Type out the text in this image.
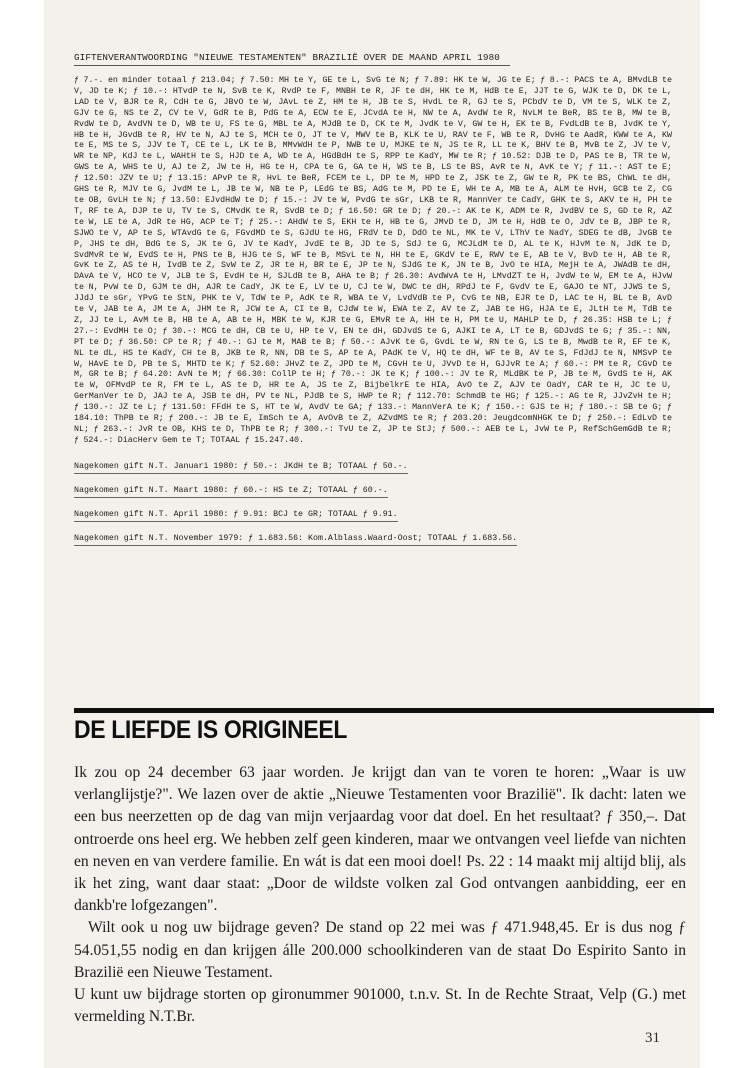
GIFTENVERANTWOORDING "NIEUWE TESTAMENTEN" BRAZILIË OVER DE MAAND APRIL 1980
ƒ 7.-. en minder totaal ƒ 213.04; ƒ 7.50: MH te Y, GE te L, SvG te N; ƒ 7.89: HK te W, JG te E; ƒ 8.-: PACS te A, BMvdLB te V, JD te K; ƒ 10.-: HTvdP te N, SvB te K, RvdP te F, MNBH te R, JF te dH, HK te M, HdB te E, JJT te G, WJK te D, DK te L, LAD te V, BJR te R, CdH te G, JBvO te W, JAvL te Z, HM te H, JB te S, HvdL te R, GJ te S, PCbdV te D, VM te S, WLK te Z, GJV te G, NS te Z, CV te V, GdR te B, PdG te A, ECW te E, JCvdA te H, NW te A, AvdW te R, NvLM te BeR, BS te B, MW te B, RvdW te D, AvdVN te D, WB te U, FS te G, MBL te A, MJdB te D, CK te M, JvdK te V, GW te H, EK te B, FvdLdB te B, JvdK te Y, HB te H, JGvdB te R, HV te N, AJ te S, MCH te O, JT te V, MWV te B, KLK te U, RAV te F, WB te R, DvHG te AadR, KWW te A, KW te E, MS te S, JJV te T, CE te L, LK te B, MMvWdH te P, NWB te U, MJKE te N, JS te R, LL te K, BHV te B, MvB te Z, JV te V, WR te NP, KdJ te L, WAHtH te S, HJD te A, WD te A, HGdBdH te S, RPP te KadY, MW te R; ƒ 10.52: DJB te D, PAS te B, TR te W, GWS te A, WHS te U, AJ te Z, JW te H, HG te H, CPA te G, GA te H, WS te B, LS te BS, AvR te N, AvK te Y; ƒ 11.-: AST te E; ƒ 12.50: JZV te U; ƒ 13.15: APvP te R, HvL te BeR, FCEM te L, DP te M, HPD te Z, JSK te Z, GW te R, PK te BS, ChWL te dH, GHS te R, MJV te G, JvdM te L, JB te W, NB te P, LEdG te BS, AdG te M, PD te E, WH te A, MB te A, ALM te HvH, GCB te Z, CG te OB, GvLH te N; ƒ 13.50: EJvdHdW te D; ƒ 15.-: JV te W, PvdG te sGr, LKB te R, MannVer te CadY, GHK te S, AKV te H, PH te T, RF te A, DJP te U, TV te S, CMvdK te R, SvdB te D; ƒ 16.50: GR te D; ƒ 20.-: AK te K, ADM te R, JvdBV te S, GD te R, AZ te W, LE te A, JdR te HG, ACP te T; ƒ 25.-: AHdW te S, EKH te H, HB te G, JMvD te D, JM te H, HdB te O, JdV te B, JBP te R, SJWO te V, AP te S, WTAvdG te G, FGvdMD te S, GJdU te HG, FRdV te D, DdO te NL, MK te V, LThV te NadY, SDEG te dB, JvGB te P, JHS te dH, BdG te S, JK te G, JV te KadY, JvdE te B, JD te S, SdJ te G, MCJLdM te D, AL te K, HJvM te N, JdK te D, SvdMvR te W, EvdS te H, PNS te B, HJG te S, WF te B, MSvL te N, HH te E, GKdV te E, RWV te E, AB te V, BvD te H, AB te R, GvK te Z, AS te H, IvdB te Z, SvW te Z, JR te H, BR te E, JP te N, SJdG te K, JN te B, JvO te HIA, MejH te A, JWAdB te dH, DAvA te V, HCO te V, JLB te S, EvdH te H, SJLdB te B, AHA te B; ƒ 26.30: AvdWvA te H, LMvdZT te H, JvdW te W, EM te A, HJvW te N, PvW te D, GJM te dH, AJR te CadY, JK te E, LV te U, CJ te W, DWC te dH, RPdJ te F, GvdV te E, GAJO te NT, JJWS te S, JJdJ te sGr, YPvG te StN, PHK te V, TdW te P, AdK te R, WBA te V, LvdVdB te P, CvG te NB, EJR te D, LAC te H, BL te B, AvD te V, JAB te A, JM te A, JHM te R, JCW te A, CI te B, CJdW te W, EWA te Z, AV te Z, JAB te HG, HJA te E, JLtH te M, TdB te Z, JJ te L, AvM te B, HB te A, AB te H, MBK te W, KJR te G, EMvR te A, HH te H, PM te U, MAHLP te D, ƒ 26.35: HSB te L; ƒ 27.-: EvdMH te O; ƒ 30.-: MCG te dH, CB te U, HP te V, EN te dH, GDJvdS te G, AJKI te A, LT te B, GDJvdS te G; ƒ 35.-: NN, PT te D; ƒ 36.50: CP te R; ƒ 40.-: GJ te M, MAB te B; ƒ 50.-: AJvK te G, GvdL te W, RN te G, LS te B, MwdB te R, EF te K, NL te dL, HS te KadY, CH te B, JKB te R, NN, DB te S, AP te A, PAdK te V, HQ te dH, WF te B, AV te S, FdJdJ te N, NMSvP te W, HAvE te D, PB te S, MHTD te K; ƒ 52.60: JHvZ te Z, JPD te M, CGvH te U, JVvD te H, GJJvR te A; ƒ 60.-: PM te R, CGvD te M, GR te B; ƒ 64.20: AvN te M; ƒ 66.30: CollP te H; ƒ 70.-: JK te K; ƒ 100.-: JV te R, MLdBK te P, JB te M, GvdS te H, AK te W, OFMvdP te R, FM te L, AS te D, HR te A, JS te Z, BijbelkrE te HIA, AvO te Z, AJV te OadY, CAR te H, JC te U, GerManVer te D, JAJ te A, JSB te dH, PV te NL, PJdB te S, HWP te R; ƒ 112.70: SchmdB te HG; ƒ 125.-: AG te R, JJvZvH te H; ƒ 130.-: JZ te L; ƒ 131.50: FFdH te S, HT te W, AvdV te GA; ƒ 133.-: MannVerA te K; ƒ 150.-: GJS te H; ƒ 180.-: SB te G; ƒ 184.10: ThPB te R; ƒ 200.-: JB te E, ImSch te A, AvOvB te Z, AZvdMS te R; ƒ 203.20: JeugdcomNHGK te D; ƒ 250.-: EdLvD te NL; ƒ 263.-: JvR te OB, KHS te D, ThPB te R; ƒ 300.-: TvU te Z, JP te StJ; ƒ 500.-: AEB te L, JvW te P, RefSchGemGdB te R; ƒ 524.-: DiacHerv Gem te T; TOTAAL ƒ 15.247.40.
Nagekomen gift N.T. Januari 1980: ƒ 50.-: JKdH te B; TOTAAL ƒ 50.-.
Nagekomen gift N.T. Maart 1980: ƒ 60.-: HS te Z; TOTAAL ƒ 60.-.
Nagekomen gift N.T. April 1980: ƒ 9.91: BCJ te GR; TOTAAL ƒ 9.91.
Nagekomen gift N.T. November 1979: ƒ 1.683.56: Kom.Alblass.Waard-Oost; TOTAAL ƒ 1.683.56.
DE LIEFDE IS ORIGINEEL

Ik zou op 24 december 63 jaar worden. Je krijgt dan van te voren te horen: „Waar is uw verlanglijstje?". We lazen over de aktie „Nieuwe Testamenten voor Brazilië". Ik dacht: laten we een bus neerzetten op de dag van mijn verjaardag voor dat doel. En het resultaat? ƒ 350,–. Dat ontroerde ons heel erg. We hebben zelf geen kinderen, maar we ontvangen veel liefde van nichten en neven en van verdere familie. En wát is dat een mooi doel! Ps. 22 : 14 maakt mij altijd blij, als ik het zing, want daar staat: „Door de wildste volken zal God ontvangen aanbidding, eer en dankb're lofgezangen".

Wilt ook u nog uw bijdrage geven? De stand op 22 mei was ƒ 471.948,45. Er is dus nog ƒ 54.051,55 nodig en dan krijgen álle 200.000 schoolkinderen van de staat Do Espirito Santo in Brazilië een Nieuwe Testament.

U kunt uw bijdrage storten op gironummer 901000, t.n.v. St. In de Rechte Straat, Velp (G.) met vermelding N.T.Br.

31
